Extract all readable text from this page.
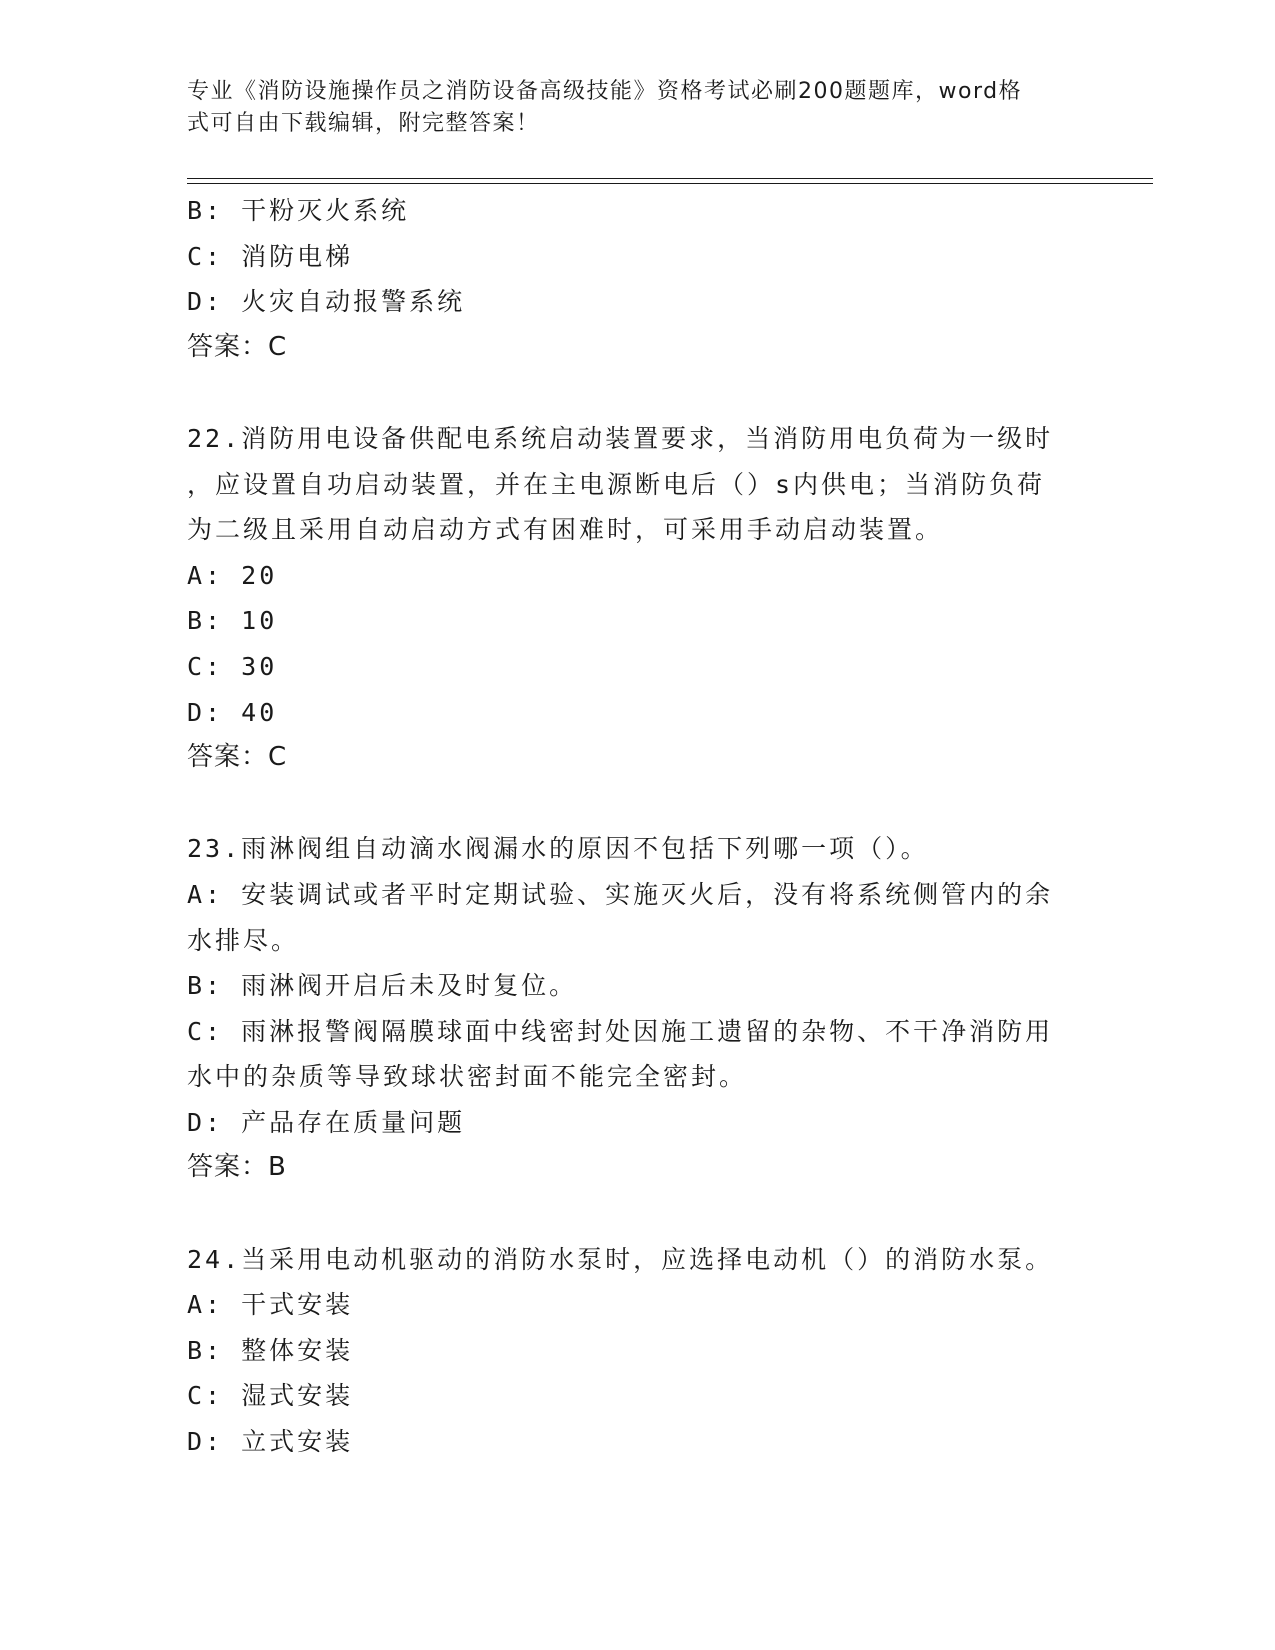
专业《消防设施操作员之消防设备高级技能》资格考试必刷200题题库，word格
式可自由下载编辑，附完整答案！
B: 干粉灭火系统
C: 消防电梯
D: 火灾自动报警系统
答案：C
22.消防用电设备供配电系统启动装置要求，当消防用电负荷为一级时
，应设置自功启动装置，并在主电源断电后（）s内供电；当消防负荷
为二级且采用自动启动方式有困难时，可采用手动启动装置。
A: 20
B: 10
C: 30
D: 40
答案：C
23.雨淋阀组自动滴水阀漏水的原因不包括下列哪一项（）。
A: 安装调试或者平时定期试验、实施灭火后，没有将系统侧管内的余
水排尽。
B: 雨淋阀开启后未及时复位。
C: 雨淋报警阀隔膜球面中线密封处因施工遗留的杂物、不干净消防用
水中的杂质等导致球状密封面不能完全密封。
D: 产品存在质量问题
答案：B
24.当采用电动机驱动的消防水泵时，应选择电动机（）的消防水泵。
A: 干式安装
B: 整体安装
C: 湿式安装
D: 立式安装
